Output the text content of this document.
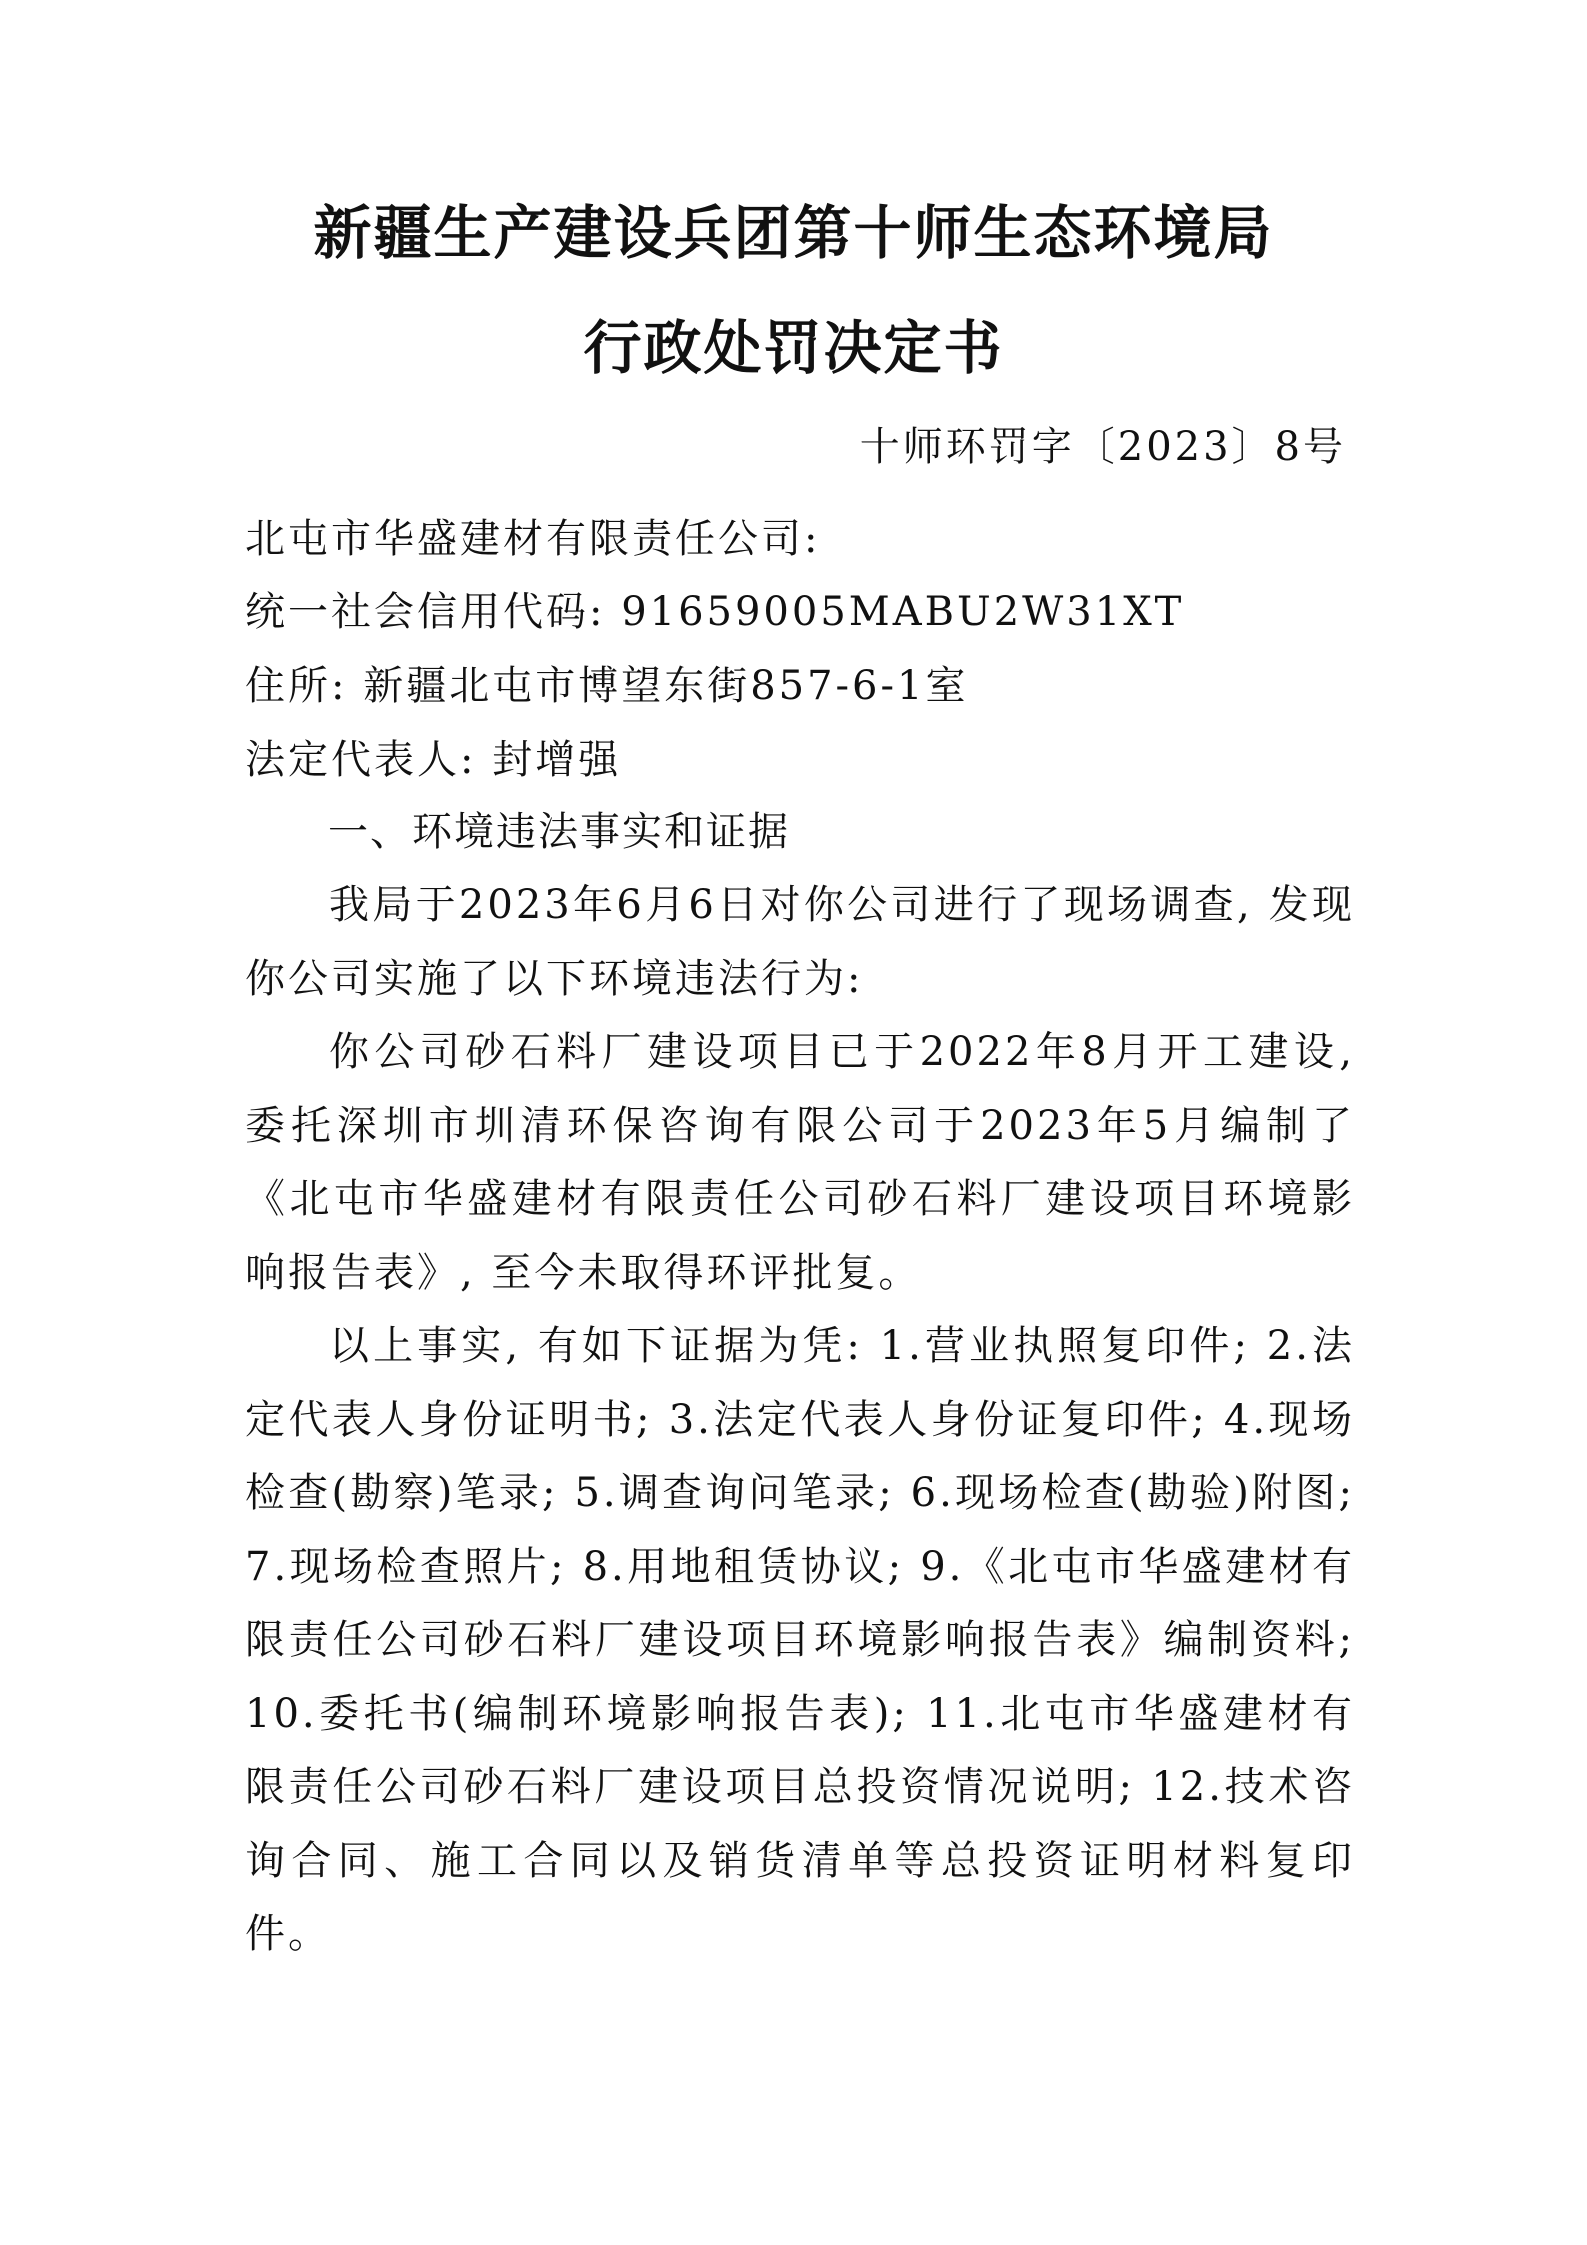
新疆生产建设兵团第十师生态环境局
行政处罚决定书
十师环罚字〔2023〕8号
北屯市华盛建材有限责任公司:
统一社会信用代码: 91659005MABU2W31XT
住所: 新疆北屯市博望东街857-6-1室
法定代表人: 封增强
一、环境违法事实和证据

我局于2023年6月6日对你公司进行了现场调查, 发现你公司实施了以下环境违法行为:

你公司砂石料厂建设项目已于2022年8月开工建设, 委托深圳市圳清环保咨询有限公司于2023年5月编制了《北屯市华盛建材有限责任公司砂石料厂建设项目环境影响报告表》, 至今未取得环评批复。

以上事实, 有如下证据为凭: 1.营业执照复印件; 2.法定代表人身份证明书; 3.法定代表人身份证复印件; 4.现场检查(勘察)笔录; 5.调查询问笔录; 6.现场检查(勘验)附图; 7.现场检查照片; 8.用地租赁协议; 9.《北屯市华盛建材有限责任公司砂石料厂建设项目环境影响报告表》编制资料; 10.委托书(编制环境影响报告表); 11.北屯市华盛建材有限责任公司砂石料厂建设项目总投资情况说明; 12.技术咨询合同、施工合同以及销货清单等总投资证明材料复印件。
